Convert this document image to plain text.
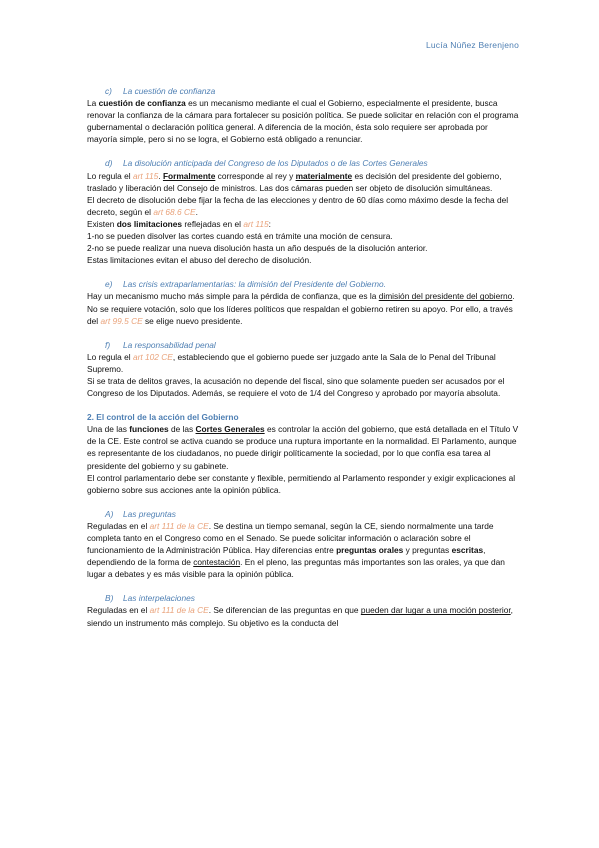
Lucía Núñez Berenjeno
c) La cuestión de confianza

La cuestión de confianza es un mecanismo mediante el cual el Gobierno, especialmente el presidente, busca renovar la confianza de la cámara para fortalecer su posición política. Se puede solicitar en relación con el programa gubernamental o declaración política general. A diferencia de la moción, ésta solo requiere ser aprobada por mayoría simple, pero si no se logra, el Gobierno está obligado a renunciar.

d) La disolución anticipada del Congreso de los Diputados o de las Cortes Generales

Lo regula el art 115. Formalmente corresponde al rey y materialmente es decisión del presidente del gobierno, traslado y liberación del Consejo de ministros. Las dos cámaras pueden ser objeto de disolución simultáneas.

El decreto de disolución debe fijar la fecha de las elecciones y dentro de 60 días como máximo desde la fecha del decreto, según el art 68.6 CE.

Existen dos limitaciones reflejadas en el art 115:

1-no se pueden disolver las cortes cuando está en trámite una moción de censura.

2-no se puede realizar una nueva disolución hasta un año después de la disolución anterior.

Estas limitaciones evitan el abuso del derecho de disolución.

e) Las crisis extraparlamentarias: la dimisión del Presidente del Gobierno.

Hay un mecanismo mucho más simple para la pérdida de confianza, que es la dimisión del presidente del gobierno. No se requiere votación, solo que los líderes políticos que respaldan el gobierno retiren su apoyo. Por ello, a través del art 99.5 CE se elige nuevo presidente.

f) La responsabilidad penal

Lo regula el art 102 CE, estableciendo que el gobierno puede ser juzgado ante la Sala de lo Penal del Tribunal Supremo.

Si se trata de delitos graves, la acusación no depende del fiscal, sino que solamente pueden ser acusados por el Congreso de los Diputados. Además, se requiere el voto de 1/4 del Congreso y aprobado por mayoría absoluta.

2. El control de la acción del Gobierno

Una de las funciones de las Cortes Generales es controlar la acción del gobierno, que está detallada en el Título V de la CE. Este control se activa cuando se produce una ruptura importante en la normalidad. El Parlamento, aunque es representante de los ciudadanos, no puede dirigir políticamente la sociedad, por lo que confía esa tarea al presidente del gobierno y su gabinete.

El control parlamentario debe ser constante y flexible, permitiendo al Parlamento responder y exigir explicaciones al gobierno sobre sus acciones ante la opinión pública.

A) Las preguntas

Reguladas en el art 111 de la CE. Se destina un tiempo semanal, según la CE, siendo normalmente una tarde completa tanto en el Congreso como en el Senado. Se puede solicitar información o aclaración sobre el funcionamiento de la Administración Pública. Hay diferencias entre preguntas orales y preguntas escritas, dependiendo de la forma de contestación. En el pleno, las preguntas más importantes son las orales, ya que dan lugar a debates y es más visible para la opinión pública.

B) Las interpelaciones

Reguladas en el art 111 de la CE. Se diferencian de las preguntas en que pueden dar lugar a una moción posterior, siendo un instrumento más complejo. Su objetivo es la conducta del
